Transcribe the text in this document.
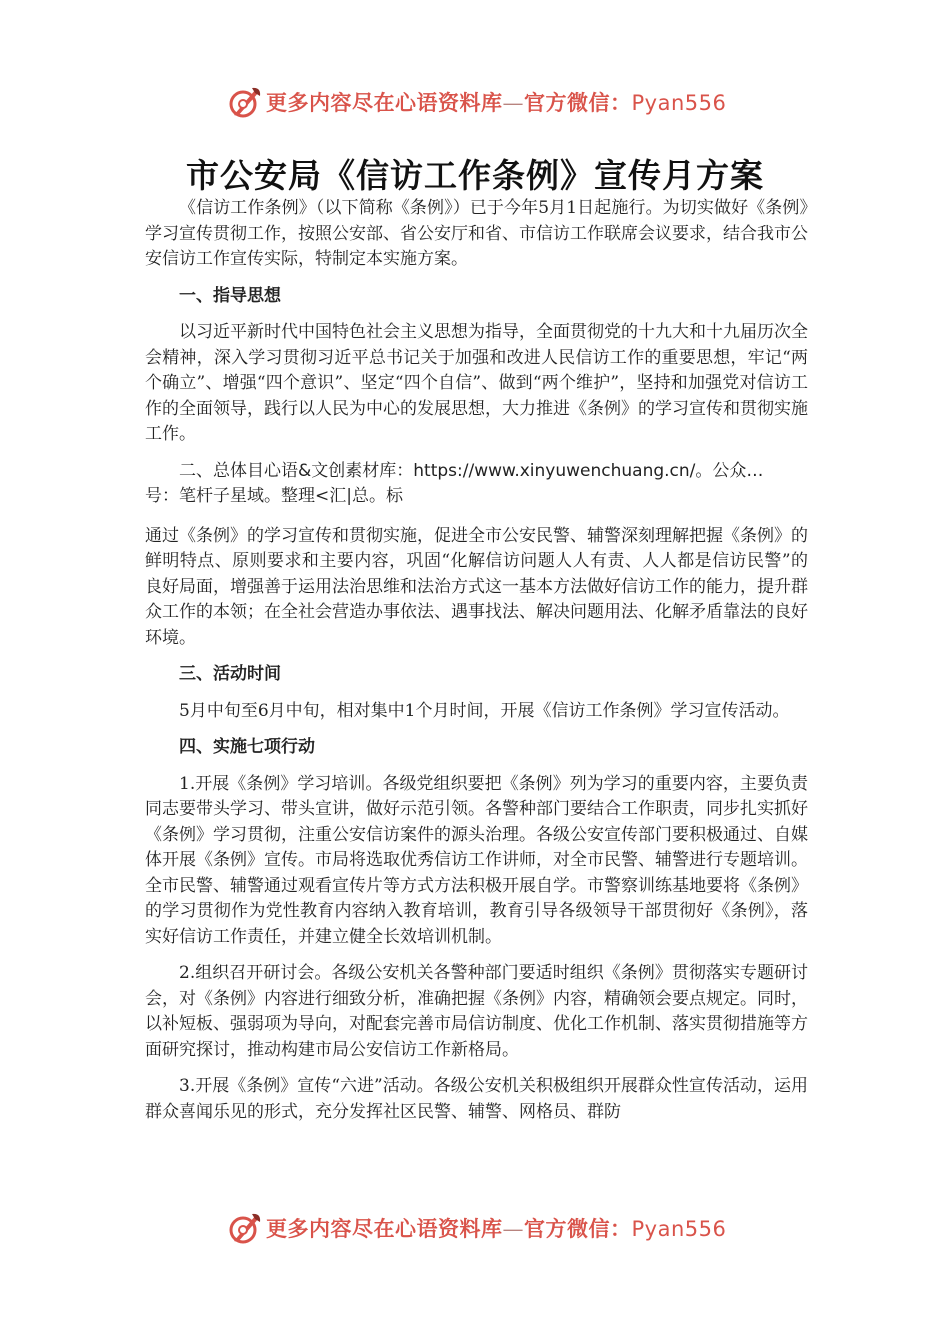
更多内容尽在心语资料库—官方微信：Pyan556
市公安局《信访工作条例》宣传月方案

《信访工作条例》（以下简称《条例》）已于今年5月1日起施行。为切实做好《条例》学习宣传贯彻工作，按照公安部、省公安厅和省、市信访工作联席会议要求，结合我市公安信访工作宣传实际，特制定本实施方案。

一、指导思想

以习近平新时代中国特色社会主义思想为指导，全面贯彻党的十九大和十九届历次全会精神，深入学习贯彻习近平总书记关于加强和改进人民信访工作的重要思想，牢记“两个确立”、增强“四个意识”、坚定“四个自信”、做到“两个维护”，坚持和加强党对信访工作的全面领导，践行以人民为中心的发展思想，大力推进《条例》的学习宣传和贯彻实施工作。

二、总体目心语&文创素材库：https://www.xinyuwenchuang.cn/。公众…

号：笔杆子星域。整理<汇|总。标

通过《条例》的学习宣传和贯彻实施，促进全市公安民警、辅警深刻理解把握《条例》的鲜明特点、原则要求和主要内容，巩固“化解信访问题人人有责、人人都是信访民警”的良好局面，增强善于运用法治思维和法治方式这一基本方法做好信访工作的能力，提升群众工作的本领；在全社会营造办事依法、遇事找法、解决问题用法、化解矛盾靠法的良好环境。

三、活动时间

5月中旬至6月中旬，相对集中1个月时间，开展《信访工作条例》学习宣传活动。

四、实施七项行动

1.开展《条例》学习培训。各级党组织要把《条例》列为学习的重要内容，主要负责同志要带头学习、带头宣讲，做好示范引领。各警种部门要结合工作职责，同步扎实抓好《条例》学习贯彻，注重公安信访案件的源头治理。各级公安宣传部门要积极通过、自媒体开展《条例》宣传。市局将选取优秀信访工作讲师，对全市民警、辅警进行专题培训。全市民警、辅警通过观看宣传片等方式方法积极开展自学。市警察训练基地要将《条例》的学习贯彻作为党性教育内容纳入教育培训，教育引导各级领导干部贯彻好《条例》，落实好信访工作责任，并建立健全长效培训机制。

2.组织召开研讨会。各级公安机关各警种部门要适时组织《条例》贯彻落实专题研讨会，对《条例》内容进行细致分析，准确把握《条例》内容，精确领会要点规定。同时，以补短板、强弱项为导向，对配套完善市局信访制度、优化工作机制、落实贯彻措施等方面研究探讨，推动构建市局公安信访工作新格局。

3.开展《条例》宣传“六进”活动。各级公安机关积极组织开展群众性宣传活动，运用群众喜闻乐见的形式，充分发挥社区民警、辅警、网格员、群防

更多内容尽在心语资料库—官方微信：Pyan556
